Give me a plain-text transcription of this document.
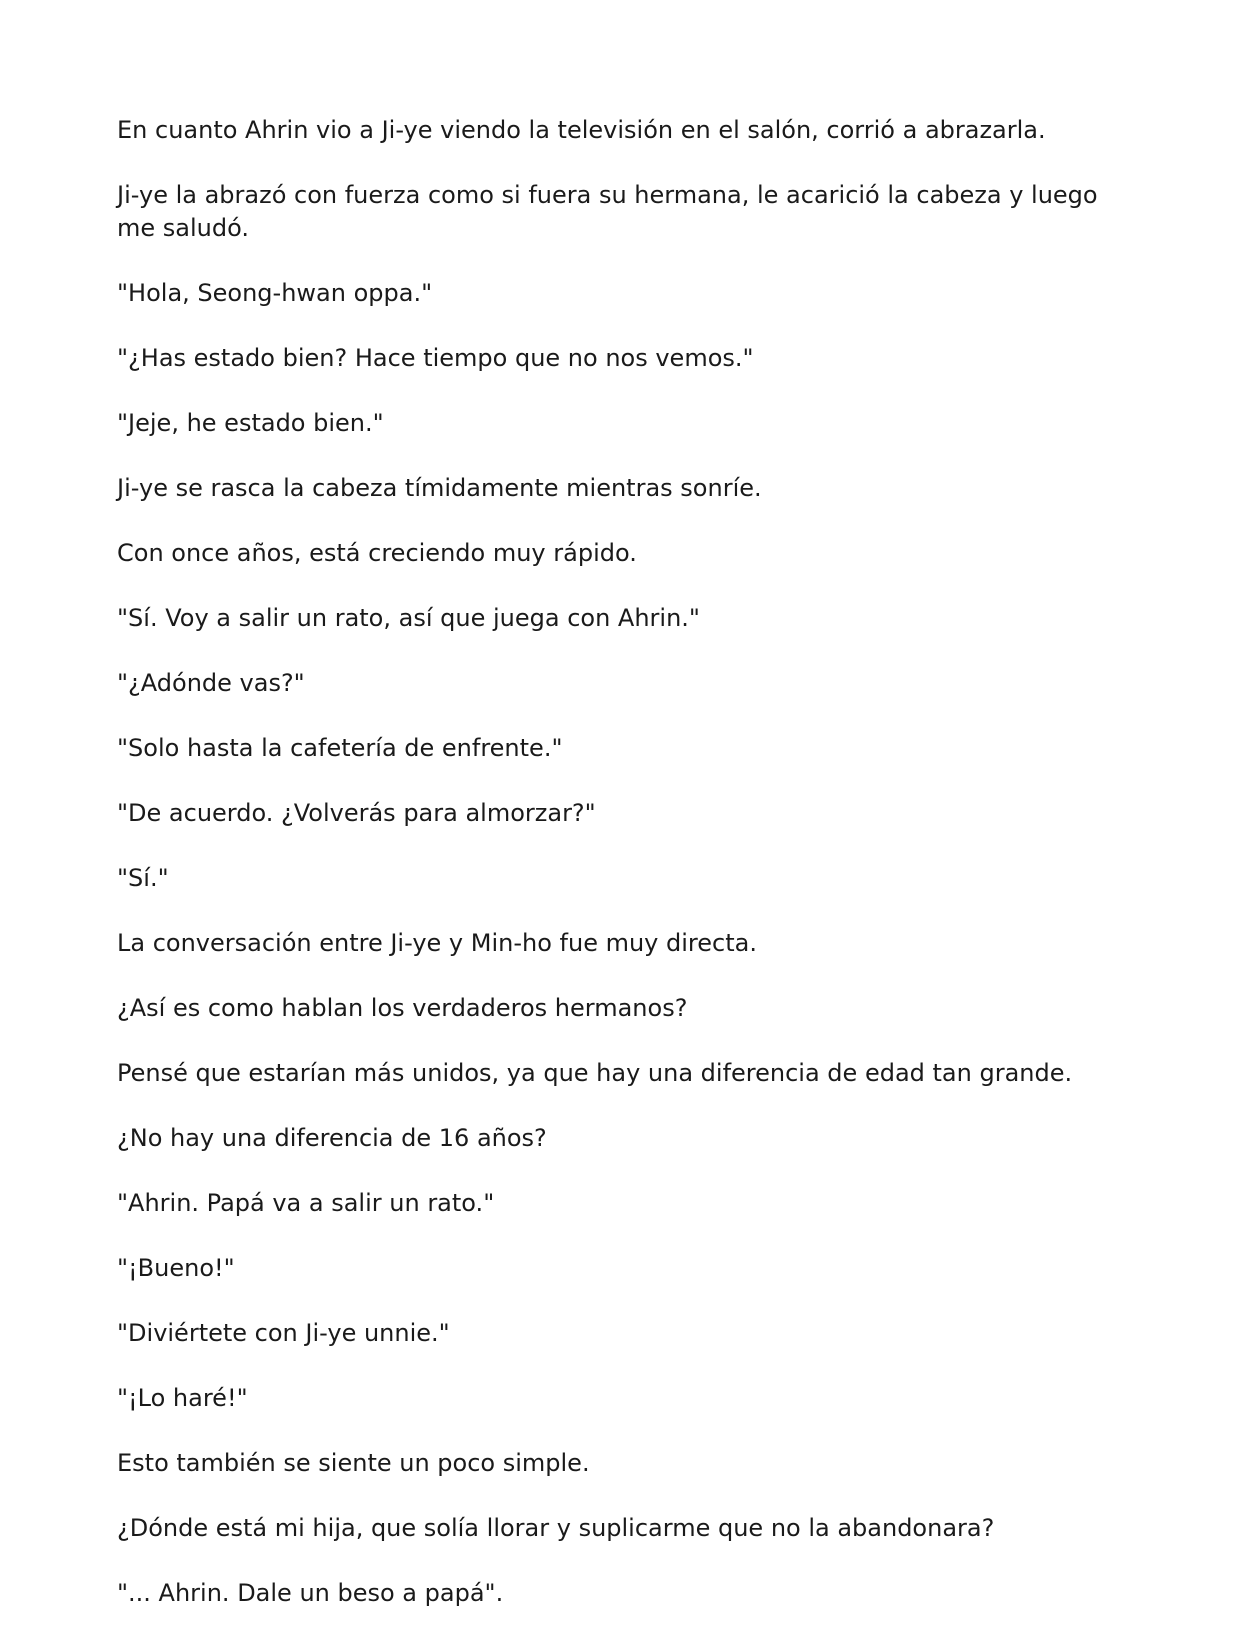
En cuanto Ahrin vio a Ji-ye viendo la televisión en el salón, corrió a abrazarla.

Ji-ye la abrazó con fuerza como si fuera su hermana, le acarició la cabeza y luego me saludó.

"Hola, Seong-hwan oppa."

"¿Has estado bien? Hace tiempo que no nos vemos."

"Jeje, he estado bien."

Ji-ye se rasca la cabeza tímidamente mientras sonríe.

Con once años, está creciendo muy rápido.

"Sí. Voy a salir un rato, así que juega con Ahrin."

"¿Adónde vas?"

"Solo hasta la cafetería de enfrente."

"De acuerdo. ¿Volverás para almorzar?"

"Sí."

La conversación entre Ji-ye y Min-ho fue muy directa.

¿Así es como hablan los verdaderos hermanos?

Pensé que estarían más unidos, ya que hay una diferencia de edad tan grande.

¿No hay una diferencia de 16 años?

"Ahrin. Papá va a salir un rato."

"¡Bueno!"

"Diviértete con Ji-ye unnie."

"¡Lo haré!"

Esto también se siente un poco simple.

¿Dónde está mi hija, que solía llorar y suplicarme que no la abandonara?

"... Ahrin. Dale un beso a papá".
